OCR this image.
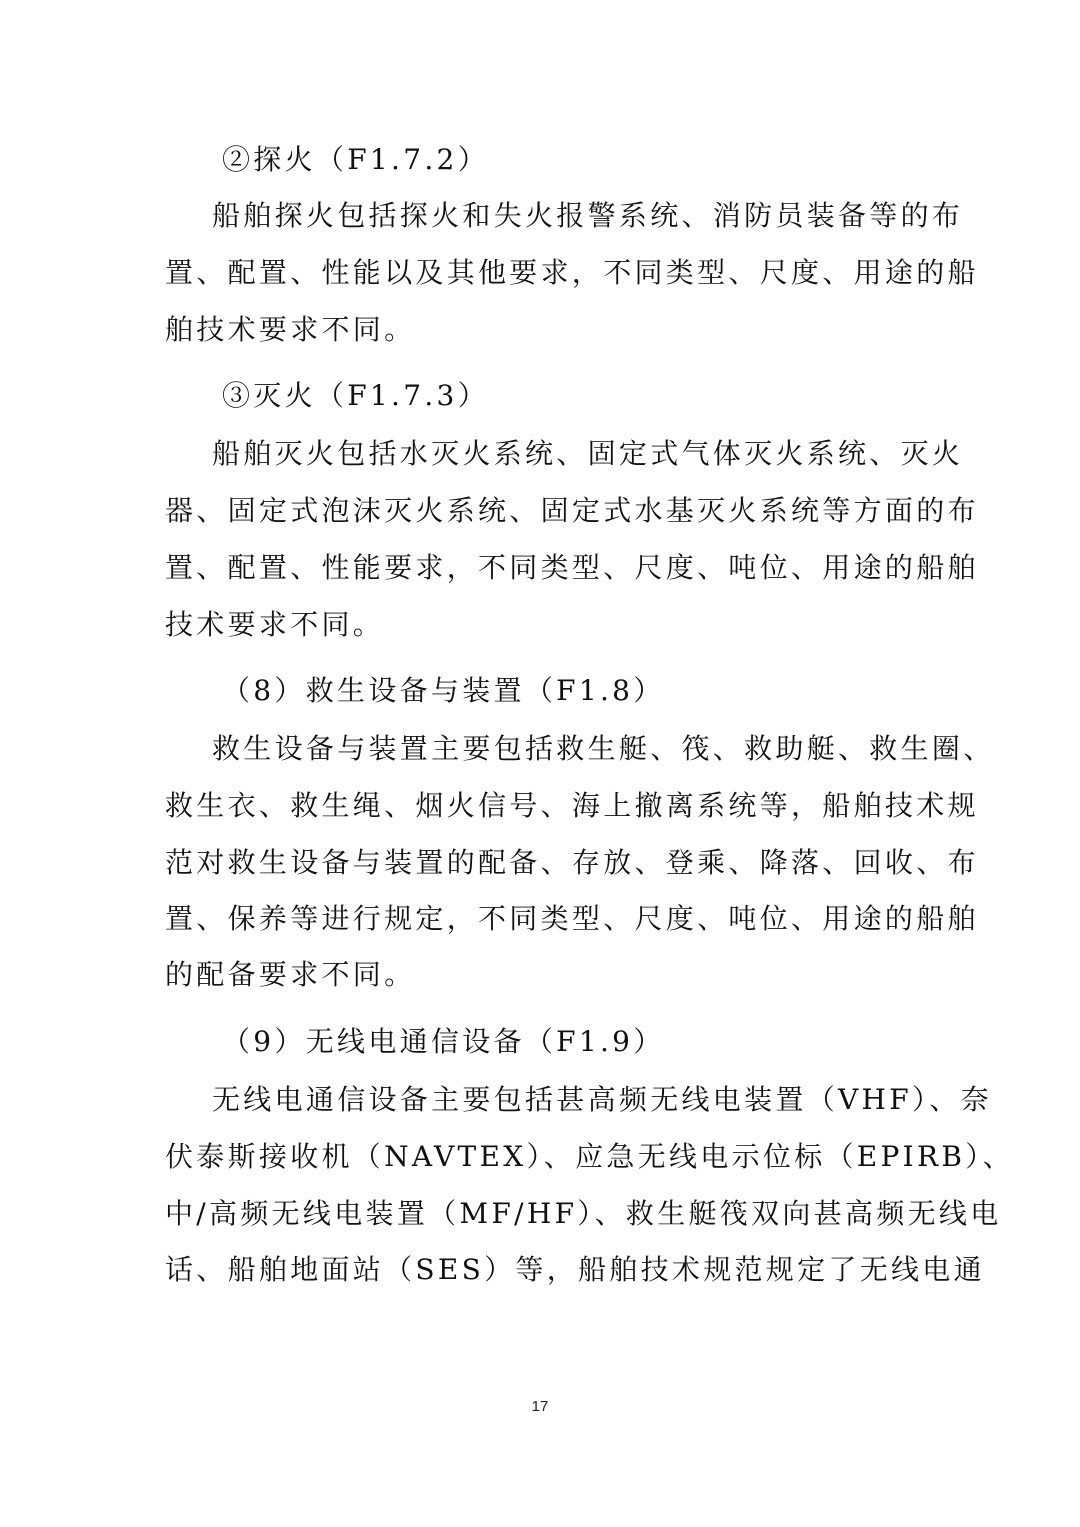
②探火（F1.7.2）
船舶探火包括探火和失火报警系统、消防员装备等的布
置、配置、性能以及其他要求，不同类型、尺度、用途的船
舶技术要求不同。
③灭火（F1.7.3）
船舶灭火包括水灭火系统、固定式气体灭火系统、灭火
器、固定式泡沫灭火系统、固定式水基灭火系统等方面的布
置、配置、性能要求，不同类型、尺度、吨位、用途的船舶
技术要求不同。
（8）救生设备与装置（F1.8）
救生设备与装置主要包括救生艇、筏、救助艇、救生圈、
救生衣、救生绳、烟火信号、海上撤离系统等，船舶技术规
范对救生设备与装置的配备、存放、登乘、降落、回收、布
置、保养等进行规定，不同类型、尺度、吨位、用途的船舶
的配备要求不同。
（9）无线电通信设备（F1.9）
无线电通信设备主要包括甚高频无线电装置（VHF）、奈
伏泰斯接收机（NAVTEX）、应急无线电示位标（EPIRB）、
中/高频无线电装置（MF/HF）、救生艇筏双向甚高频无线电
话、船舶地面站（SES）等，船舶技术规范规定了无线电通
17
